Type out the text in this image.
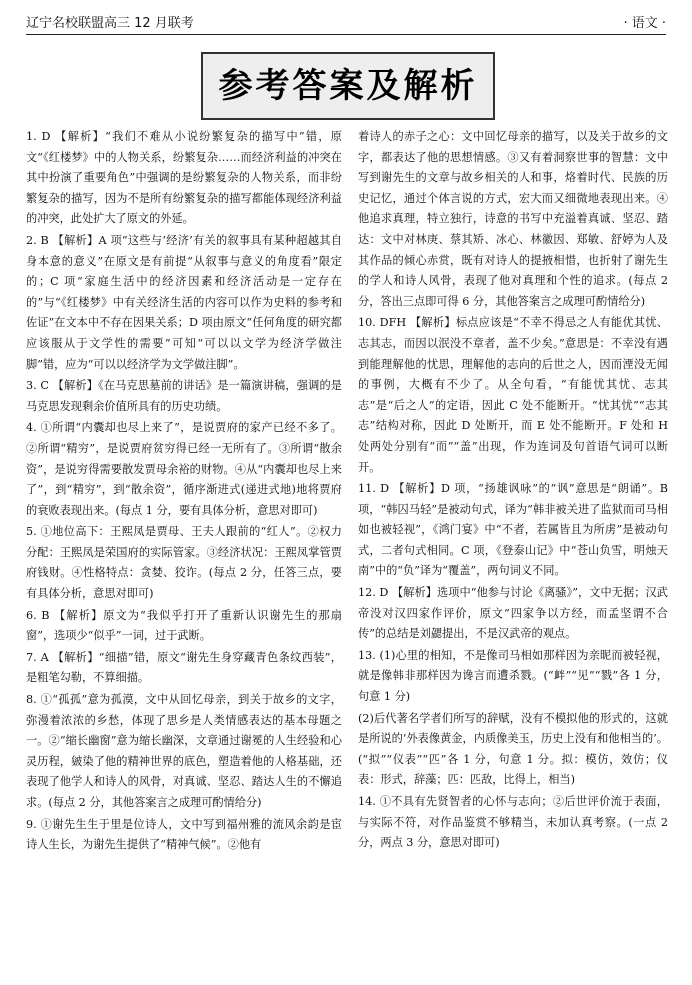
辽宁名校联盟高三 12 月联考	· 语文 ·
参考答案及解析

1. D 【解析】“我们不难从小说纷繁复杂的描写中”错，原文“《红楼梦》中的人物关系，纷繁复杂……而经济利益的冲突在其中扮演了重要角色”中强调的是纷繁复杂的人物关系，而非纷繁复杂的描写，因为不是所有纷繁复杂的描写都能体现经济利益的冲突，此处扩大了原文的外延。

2. B 【解析】A 项“这些与‘经济’有关的叙事具有某种超越其自身本意的意义”在原文是有前提“从叙事与意义的角度看”限定的；C 项“家庭生活中的经济因素和经济活动是一定存在的”与“《红楼梦》中有关经济生活的内容可以作为史料的参考和佐证”在文本中不存在因果关系；D 项由原文“任何角度的研究都应该服从于文学性的需要”可知“可以以文学为经济学做注脚”错，应为“可以以经济学为文学做注脚”。

3. C 【解析】《在马克思墓前的讲话》是一篇演讲稿，强调的是马克思发现剩余价值所具有的历史功绩。

4. ①所谓“内囊却也尽上来了”，是说贾府的家产已经不多了。②所谓“精穷”，是说贾府贫穷得已经一无所有了。③所谓“散余资”，是说穷得需要散发贾母余裕的财物。④从“内囊却也尽上来了”，到“精穷”，到“散余资”，循序渐进式(递进式地)地将贾府的衰败表现出来。(每点 1 分，要有具体分析，意思对即可)

5. ①地位高下：王熙凤是贾母、王夫人跟前的“红人”。②权力分配：王熙凤是荣国府的实际管家。③经济状况：王熙凤掌管贾府钱财。④性格特点：贪婪、狡诈。(每点 2 分，任答三点，要有具体分析，意思对即可)

6. B 【解析】原文为“我似乎打开了重新认识谢先生的那扇窗”，选项少“似乎”一词，过于武断。

7. A 【解析】“细描”错，原文“谢先生身穿藏青色条纹西装”，是粗笔勾勒，不算细描。

8. ①“孤孤”意为孤漠，文中从回忆母亲，到关于故乡的文字，弥漫着浓浓的乡愁，体现了思乡是人类情感表达的基本母题之一。②“缩长幽窗”意为缩长幽深，文章通过谢冕的人生经验和心灵历程，皴染了他的精神世界的底色，塑造着他的人格基础，还表现了他学人和诗人的风骨，对真诚、坚忍、踏达人生的不懈追求。(每点 2 分，其他答案言之成理可酌情给分)

9. ①谢先生生于里是位诗人，文中写到福州雅的流风余韵是宦诗人生长，为谢先生提供了“精神气候”。②他有

着诗人的赤子之心：文中回忆母亲的描写，以及关于故乡的文字，都表达了他的思想情感。③又有着洞察世事的智慧：文中写到谢先生的文章与故乡相关的人和事，烙着时代、民族的历史记忆，通过个体言说的方式，宏大而又细微地表现出来。④他追求真理，特立独行，诗意的书写中充溢着真诚、坚忍、踏达：文中对林庚、蔡其矫、冰心、林徽因、郑敏、舒婷为人及其作品的倾心赤赏，既有对诗人的提掖相惜，也折射了谢先生的学人和诗人风骨，表现了他对真理和个性的追求。(每点 2 分，答出三点即可得 6 分，其他答案言之成理可酌情给分)

10. DFH 【解析】标点应该是“不幸不得忌之人有能优其忧、志其志，而因以泯没不章者，盖不少矣。”意思是：不幸没有遇到能理解他的忧思，理解他的志向的后世之人，因而湮没无闻的事例，大概有不少了。从全句看，“有能忧其忧、志其志”是“后之人”的定语，因此 C 处不能断开。“忧其忧”“志其志”结构对称，因此 D 处断开，而 E 处不能断开。F 处和 H 处两处分别有“而”“盖”出现，作为连词及句首语气词可以断开。

11. D 【解析】D 项，“扬雄讽咏”的“讽”意思是“朗诵”。B 项，“韩囚马轻”是被动句式，译为“韩非被关进了监狱而司马相如也被轻视”，《鸿门宴》中“不者，若属皆且为所虏”是被动句式，二者句式相同。C 项，《登泰山记》中“苍山负雪，明烛天南”中的“负”译为“覆盖”，两句词义不同。

12. D 【解析】选项中“他参与讨论《离骚》”，文中无据；汉武帝没对汉四家作评价，原文“四家争以方经，而孟坚谓不合传”的总结是刘勰提出，不是汉武帝的观点。

13. (1)心里的相知，不是像司马相如那样因为亲昵而被轻视，就是像韩非那样因为谗言而遭杀戮。(“衅”“见”“戮”各 1 分，句意 1 分)

(2)后代著名学者们所写的辞赋，没有不模拟他的形式的，这就是所说的‘外表像黄金，内质像美玉，历史上没有和他相当的’。(“拟”“仪表”“匹”各 1 分，句意 1 分。拟：模仿，效仿；仪表：形式，辞藻；匹：匹敌，比得上，相当)

14. ①不具有先贤智者的心怀与志向；②后世评价流于表面，与实际不符，对作品鉴赏不够精当，未加认真考察。(一点 2 分，两点 3 分，意思对即可)
